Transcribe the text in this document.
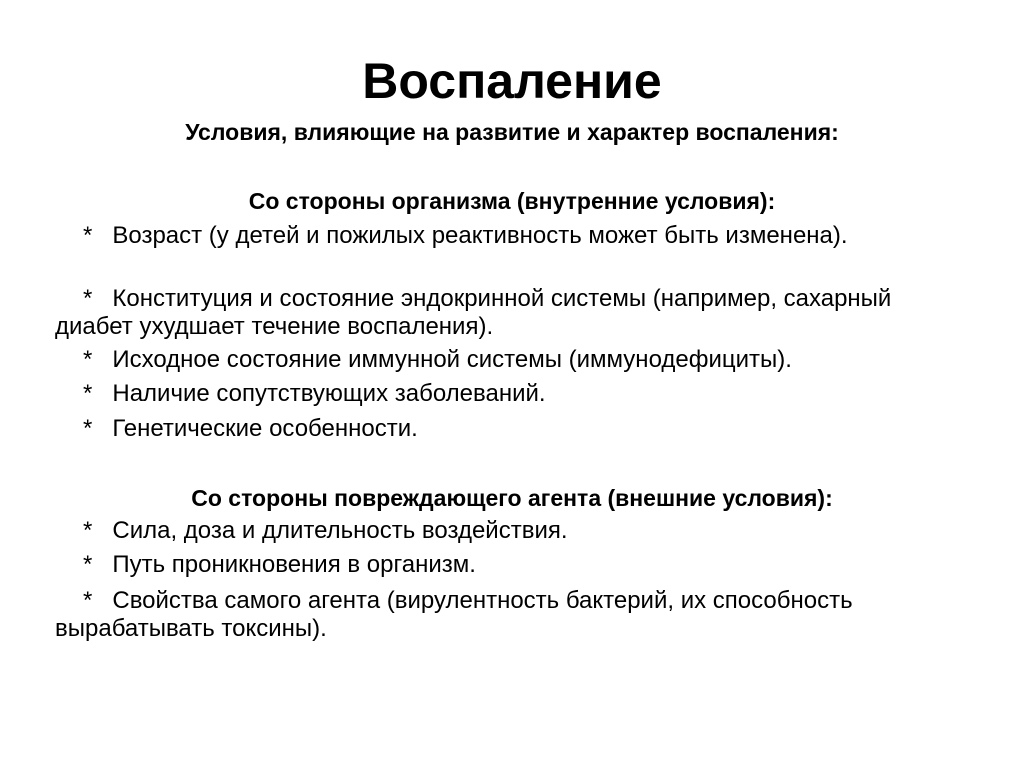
Воспаление
Условия, влияющие на развитие и характер воспаления:
Со стороны организма (внутренние условия):
* Возраст (у детей и пожилых реактивность может быть изменена).
* Конституция и состояние эндокринной системы (например, сахарный диабет ухудшает течение воспаления).
* Исходное состояние иммунной системы (иммунодефициты).
* Наличие сопутствующих заболеваний.
* Генетические особенности.
Со стороны повреждающего агента (внешние условия):
* Сила, доза и длительность воздействия.
* Путь проникновения в организм.
* Свойства самого агента (вирулентность бактерий, их способность вырабатывать токсины).
